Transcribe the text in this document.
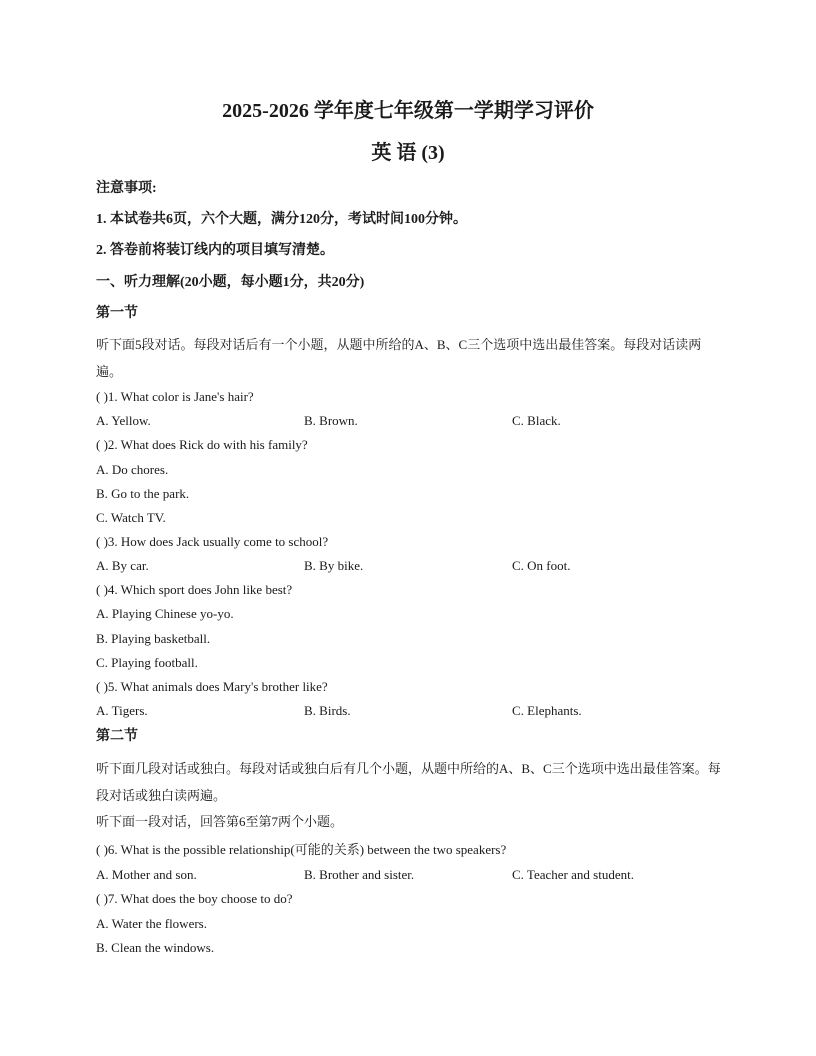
2025-2026 学年度七年级第一学期学习评价
英 语 (3)
注意事项:
1. 本试卷共6页，六个大题，满分120分，考试时间100分钟。
2. 答卷前将装订线内的项目填写清楚。
一、听力理解(20小题，每小题1分，共20分)
第一节
听下面5段对话。每段对话后有一个小题，从题中所给的A、B、C三个选项中选出最佳答案。每段对话读两遍。
( )1. What color is Jane's hair?
A. Yellow.	B. Brown.	C. Black.
( )2. What does Rick do with his family?
A. Do chores.
B. Go to the park.
C. Watch TV.
( )3. How does Jack usually come to school?
A. By car.	B. By bike.	C. On foot.
( )4. Which sport does John like best?
A. Playing Chinese yo-yo.
B. Playing basketball.
C. Playing football.
( )5. What animals does Mary's brother like?
A. Tigers.	B. Birds.	C. Elephants.
第二节
听下面几段对话或独白。每段对话或独白后有几个小题，从题中所给的A、B、C三个选项中选出最佳答案。每段对话或独白读两遍。
听下面一段对话，回答第6至第7两个小题。
( )6. What is the possible relationship(可能的关系) between the two speakers?
A. Mother and son.	B. Brother and sister.	C. Teacher and student.
( )7. What does the boy choose to do?
A. Water the flowers.
B. Clean the windows.
